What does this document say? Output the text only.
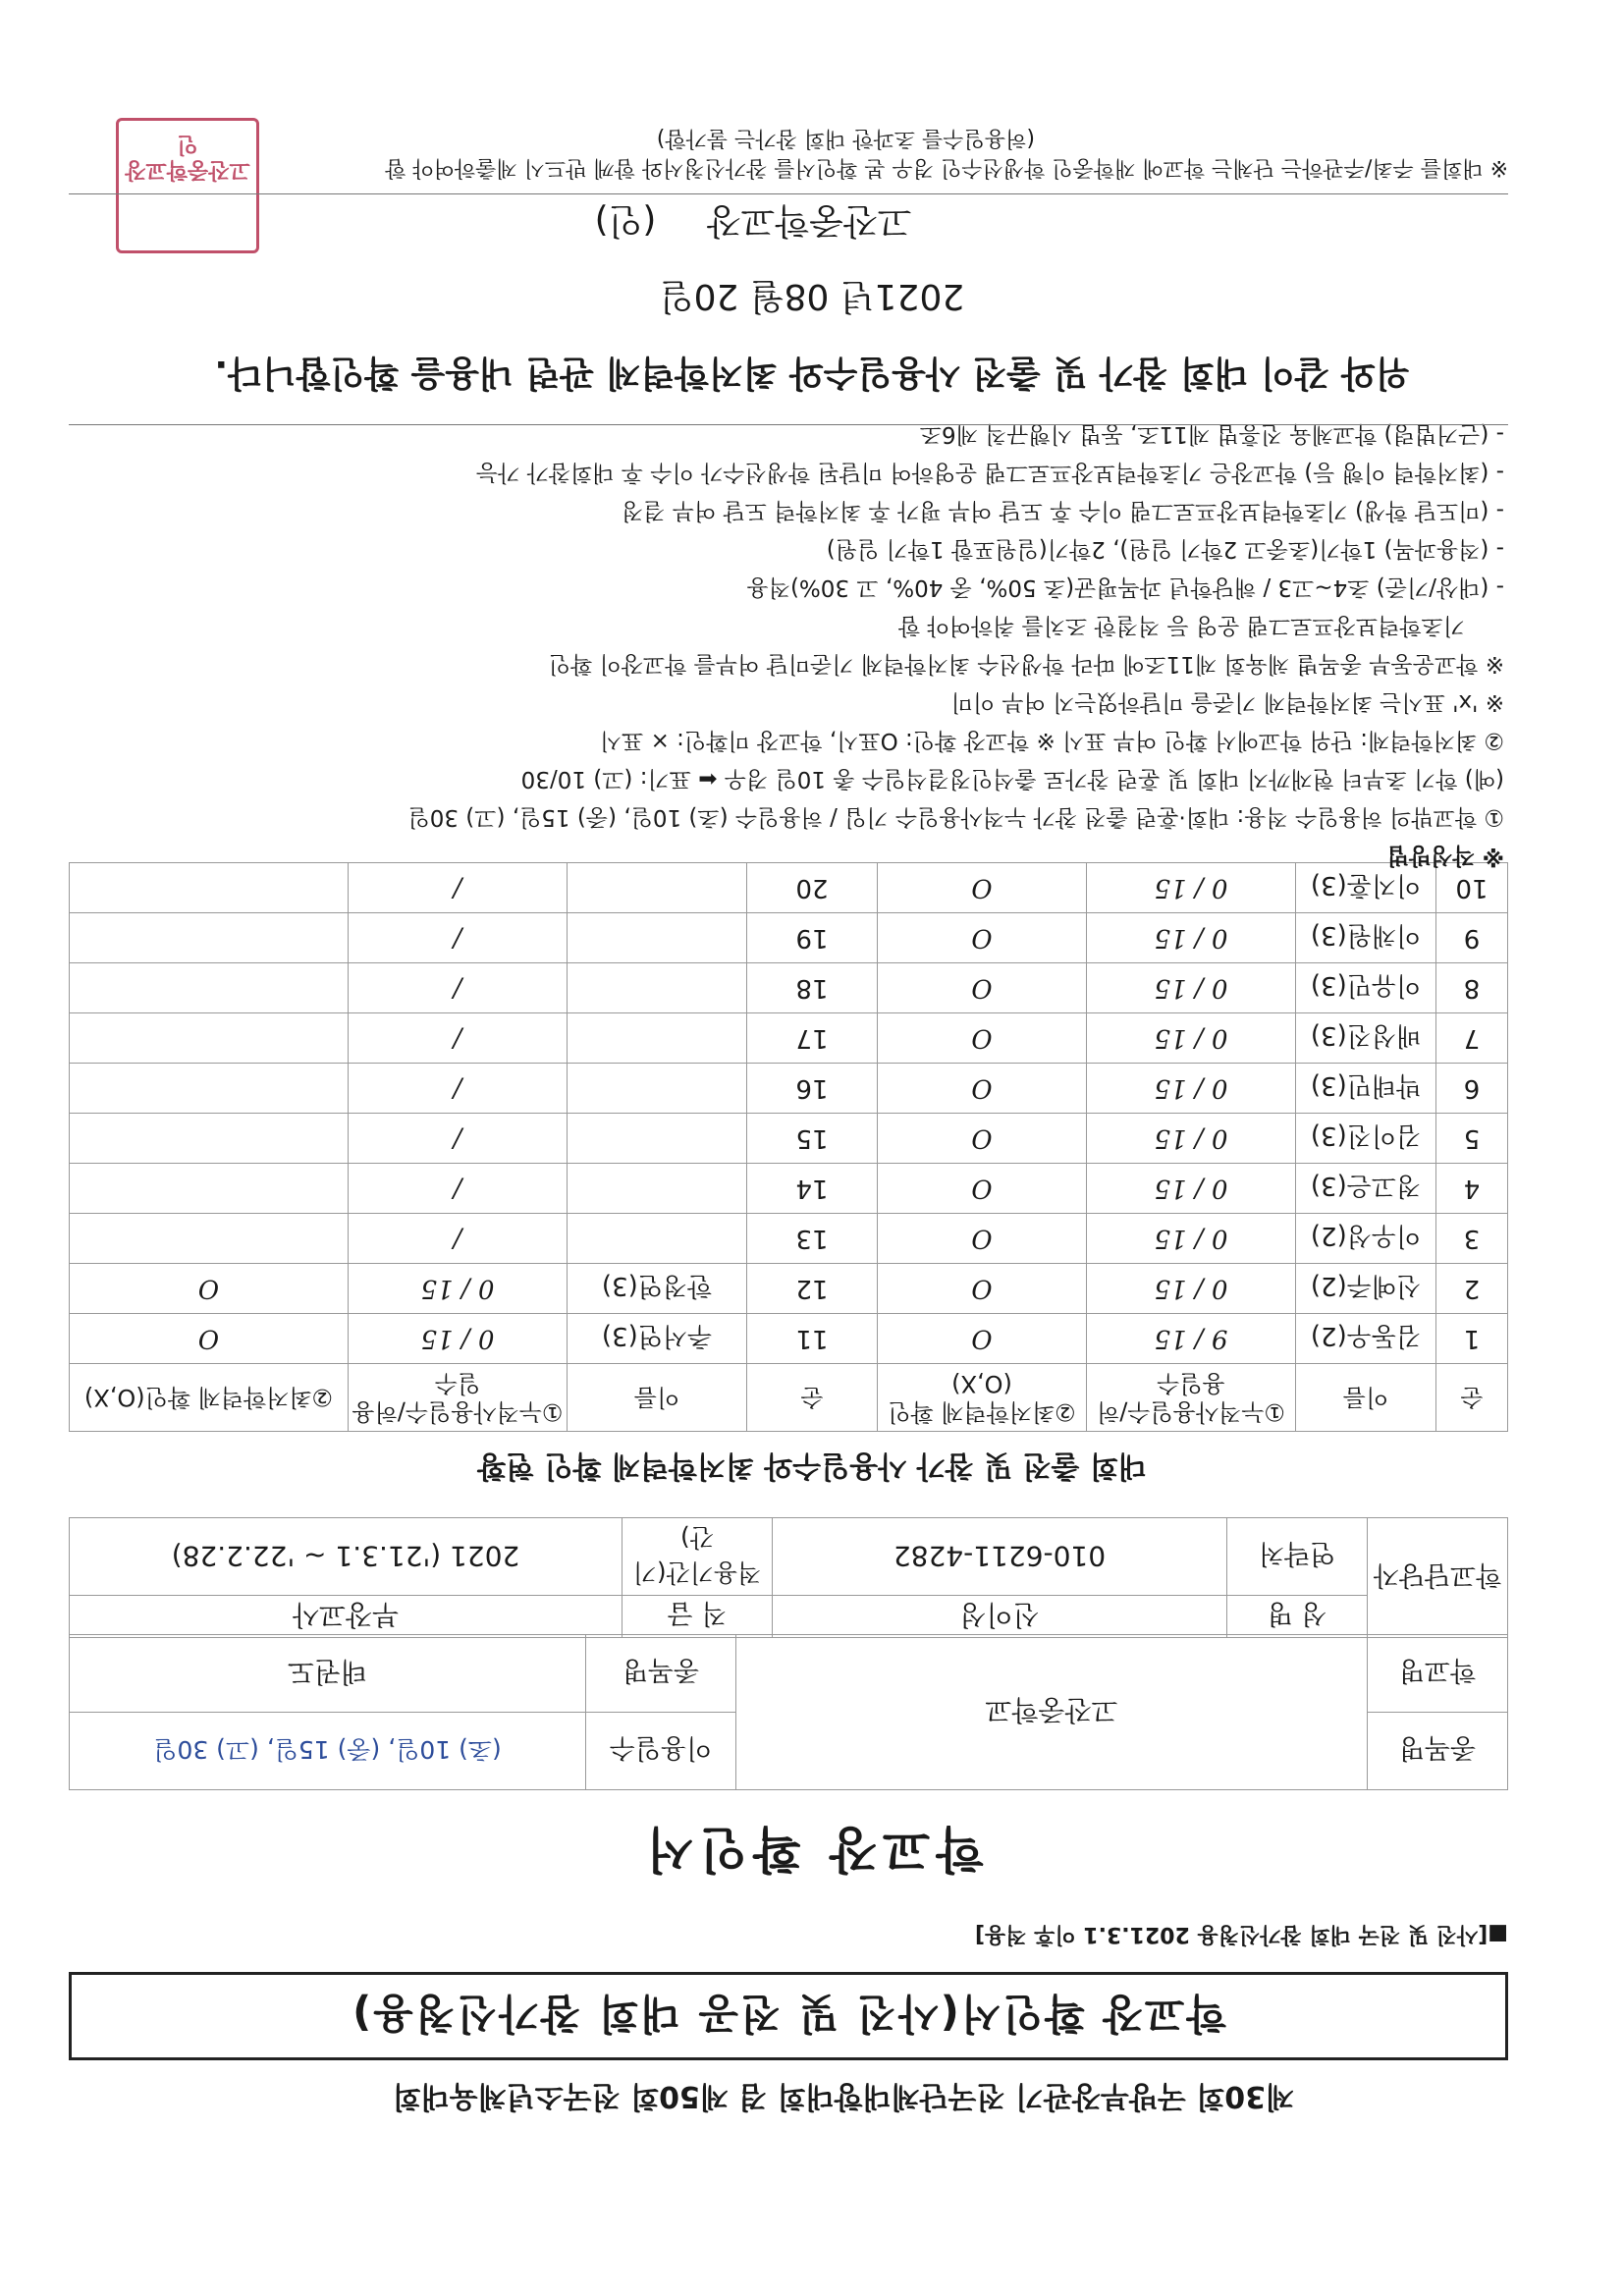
제30회 국방부장관기 전국단체대항대회 겸 제50회 전국소년체육대회
학교장 확인서(사진 및 전공 대회 참가신청용)
■[사진 및 전국 대회 참가신청용 2021.3.1 이후 적용]
학교장 확인서
종목명	고잔중학교	이용일수	(초) 10일, (중) 15일, (고) 30일
학교명		종목명	태권도
학교담당자	성 명	신이성	직 급	부장교사
	연락처	010-6211-4282	적용기간(기간)	2021 ('21.3.1 ~ '22.2.28)
대회 출전 및 참가 사용일수와 최저학력제 확인 현황
순	이름	①누적사용일수/허용일수	②최저학력제 확인(O,X)	순	이름	①누적사용일수/허용일수	②최저학력제 확인(O,X)
1	김동우(2)	9 / 15	O	11	추서연(3)	0 / 15	O
2	신예주(2)	0 / 15	O	12	한정연(3)	0 / 15	O
3	이우성(2)	0 / 15	O	13		/	
4	정고은(3)	0 / 15	O	14		/	
5	김이진(3)	0 / 15	O	15		/	
6	박태민(3)	0 / 15	O	16		/	
7	배성진(3)	0 / 15	O	17		/	
8	이유민(3)	0 / 15	O	18		/	
9	이채원(3)	0 / 15	O	19		/	
10	이지훈(3)	0 / 15	O	20		/	

※ 작성방법

① 학교밖의 허용일수 적용: 대회·훈련 출전 참가 누적사용일수 기입 / 허용일수 (초) 10일, (중) 15일, (고) 30일

(예) 학기 초부터 현재까지 대회 및 훈련 참가로 출석인정결석일수 총 10일 경우 ⬅ 표기: (고) 10/30

② 최저학력제: 단위 학교에서 확인 여부 표시 ※ 학교장 확인: O표시, 학교장 미확인: × 표시

※ 'x' 표시는 최저학력제 기준을 미달하였는지 여부 이미

※ 학교운동부 종목별 체육회 제11조에 따라 학생선수 최저학력제 기준미달 여부를 학교장이 확인

기초학력보장프로그램 운영 등 적절한 조치를 취하여야 함

- (대상/기준) 초4~고3 / 해당학년 과목평균(초 50%, 중 40%, 고 30%)적용

- (적용과목) 1학기(초중고 2학기 일원), 2학기(일원포함 1학기 일원)

- (미도달 학생) 기초학력보장프로그램 이수 후 도달 여부 평가 후 최저학력 도달 여부 결정

- (최저학력 이행 등) 학교장은 기초학력보장프로그램 운영하여 미달된 학생선수가 이수 후 대회참가 가능

- (근거법령) 학교체육 진흥법 제11조, 동법 시행규칙 제6조

위와 같이 대회 참가 및 출전 사용일수와 최저학력제 관련 내용을 확인합니다.
2021년 08월 20일
고잔중학교장 (인)
고잔중학교장인
※ 대회를 주최/주관하는 단체는 학교에 재학중인 학생선수인 경우 본 확인서를 참가신청서와 함께 반드시 제출하여야 함
(허용일수를 초과한 대회 참가는 불가함)
